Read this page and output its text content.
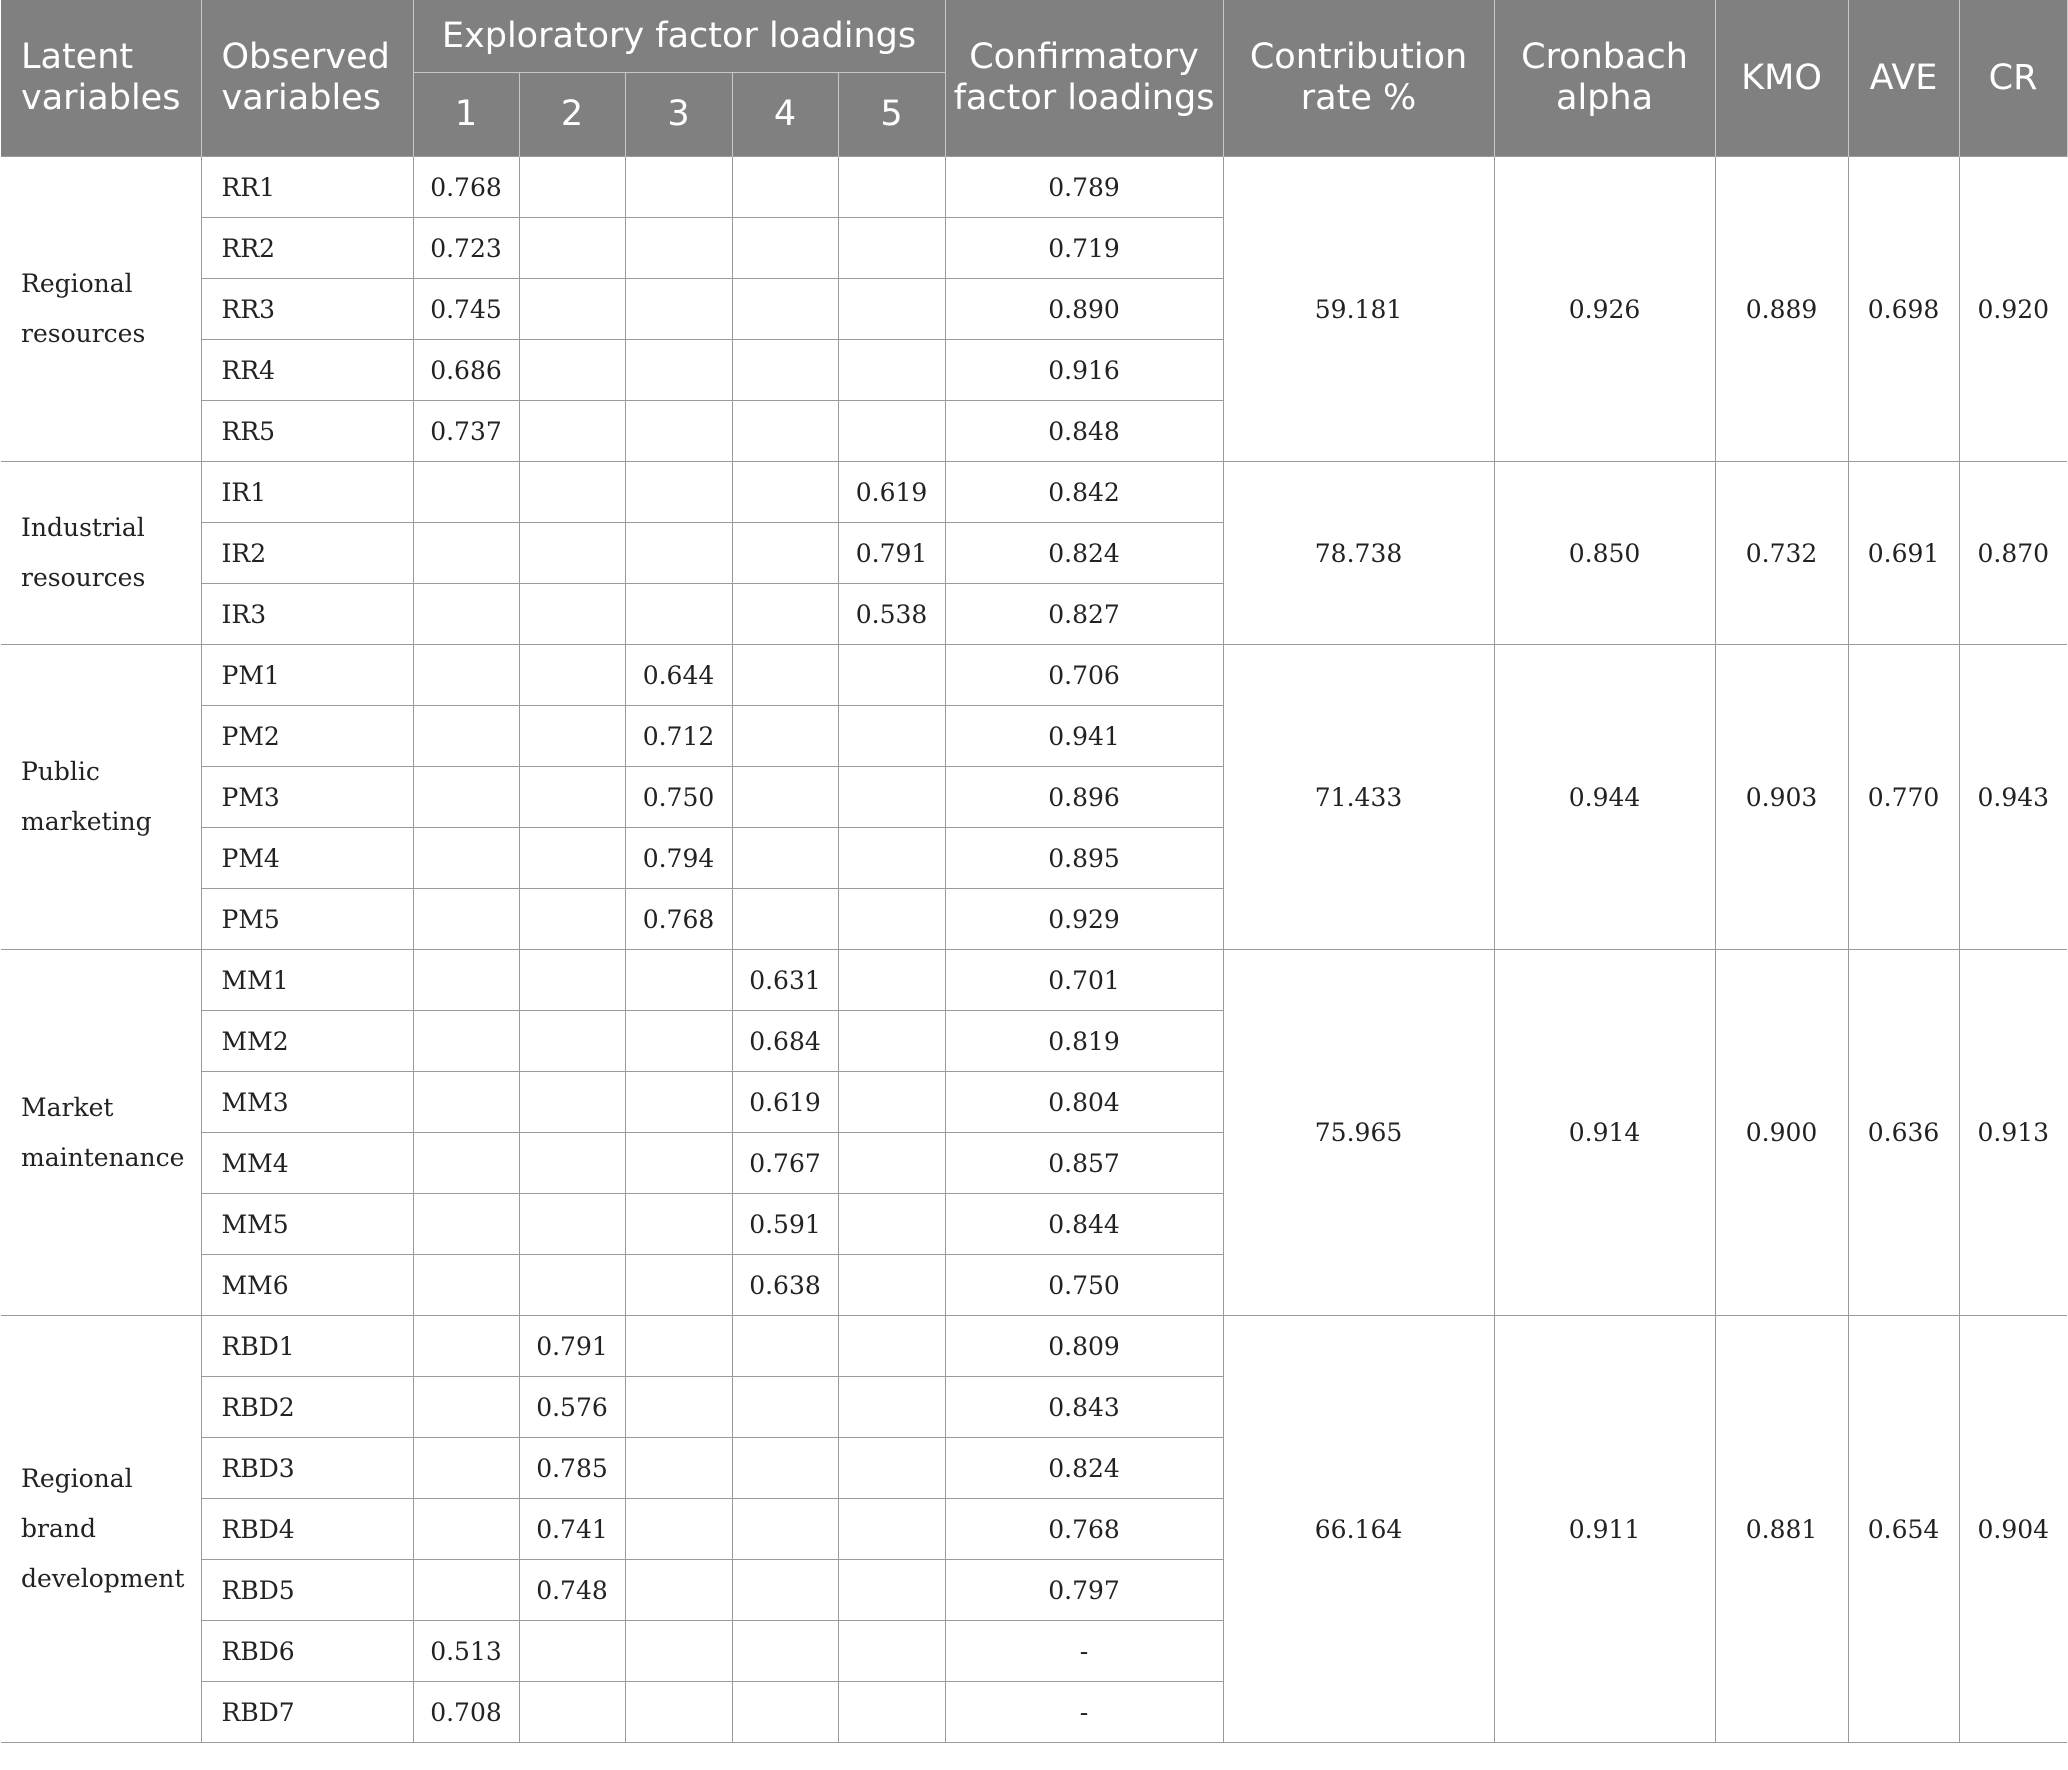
Latent variables	Observed variables	Exploratory factor loadings					Confirmatory factor loadings	Contribution rate %	Cronbach alpha	KMO	AVE	CR
		1	2	3	4	5						
Regional resources	RR1	0.768					0.789	59.181	0.926	0.889	0.698	0.920
	RR2	0.723					0.719					
	RR3	0.745					0.890					
	RR4	0.686					0.916					
	RR5	0.737					0.848					
Industrial resources	IR1					0.619	0.842	78.738	0.850	0.732	0.691	0.870
	IR2					0.791	0.824					
	IR3					0.538	0.827					
Public marketing	PM1			0.644			0.706	71.433	0.944	0.903	0.770	0.943
	PM2			0.712			0.941					
	PM3			0.750			0.896					
	PM4			0.794			0.895					
	PM5			0.768			0.929					
Market maintenance	MM1				0.631		0.701	75.965	0.914	0.900	0.636	0.913
	MM2				0.684		0.819					
	MM3				0.619		0.804					
	MM4				0.767		0.857					
	MM5				0.591		0.844					
	MM6				0.638		0.750					
Regional brand development	RBD1		0.791				0.809	66.164	0.911	0.881	0.654	0.904
	RBD2		0.576				0.843					
	RBD3		0.785				0.824					
	RBD4		0.741				0.768					
	RBD5		0.748				0.797					
	RBD6	0.513					-					
	RBD7	0.708					-					
